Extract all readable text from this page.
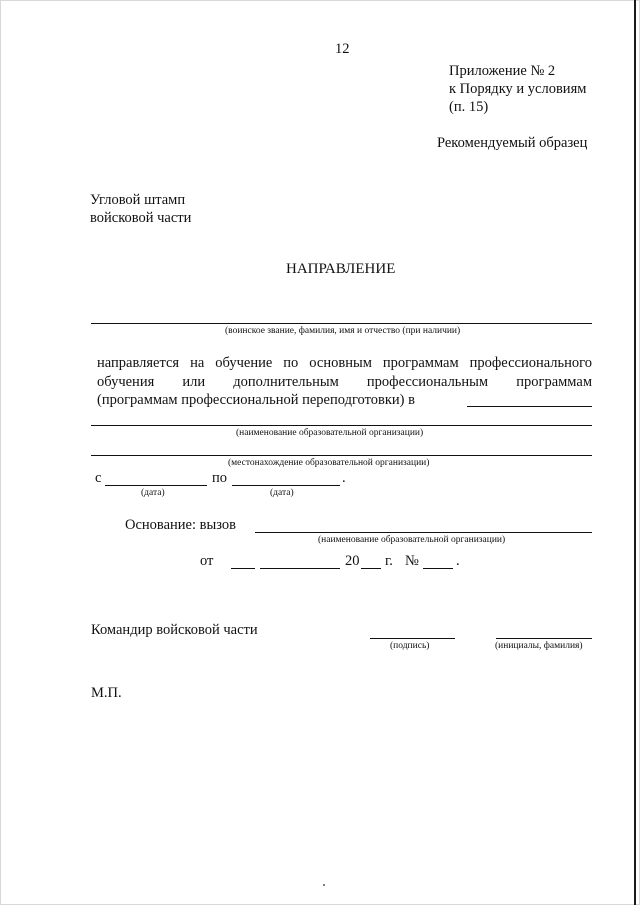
12
Приложение № 2
к Порядку и условиям
(п. 15)
Рекомендуемый образец
Угловой штамп
войсковой части
НАПРАВЛЕНИЕ
(воинское звание, фамилия, имя и отчество (при наличии)
направляется на обучение по основным программам профессионального
обучения или дополнительным профессиональным программам
(программам профессиональной переподготовки) в
(наименование образовательной организации)
(местонахождение образовательной организации)
с	по	.
(дата)	(дата)
Основание: вызов
(наименование образовательной организации)
от	20 г. №	.
Командир войсковой части
(подпись)	(инициалы, фамилия)
М.П.
